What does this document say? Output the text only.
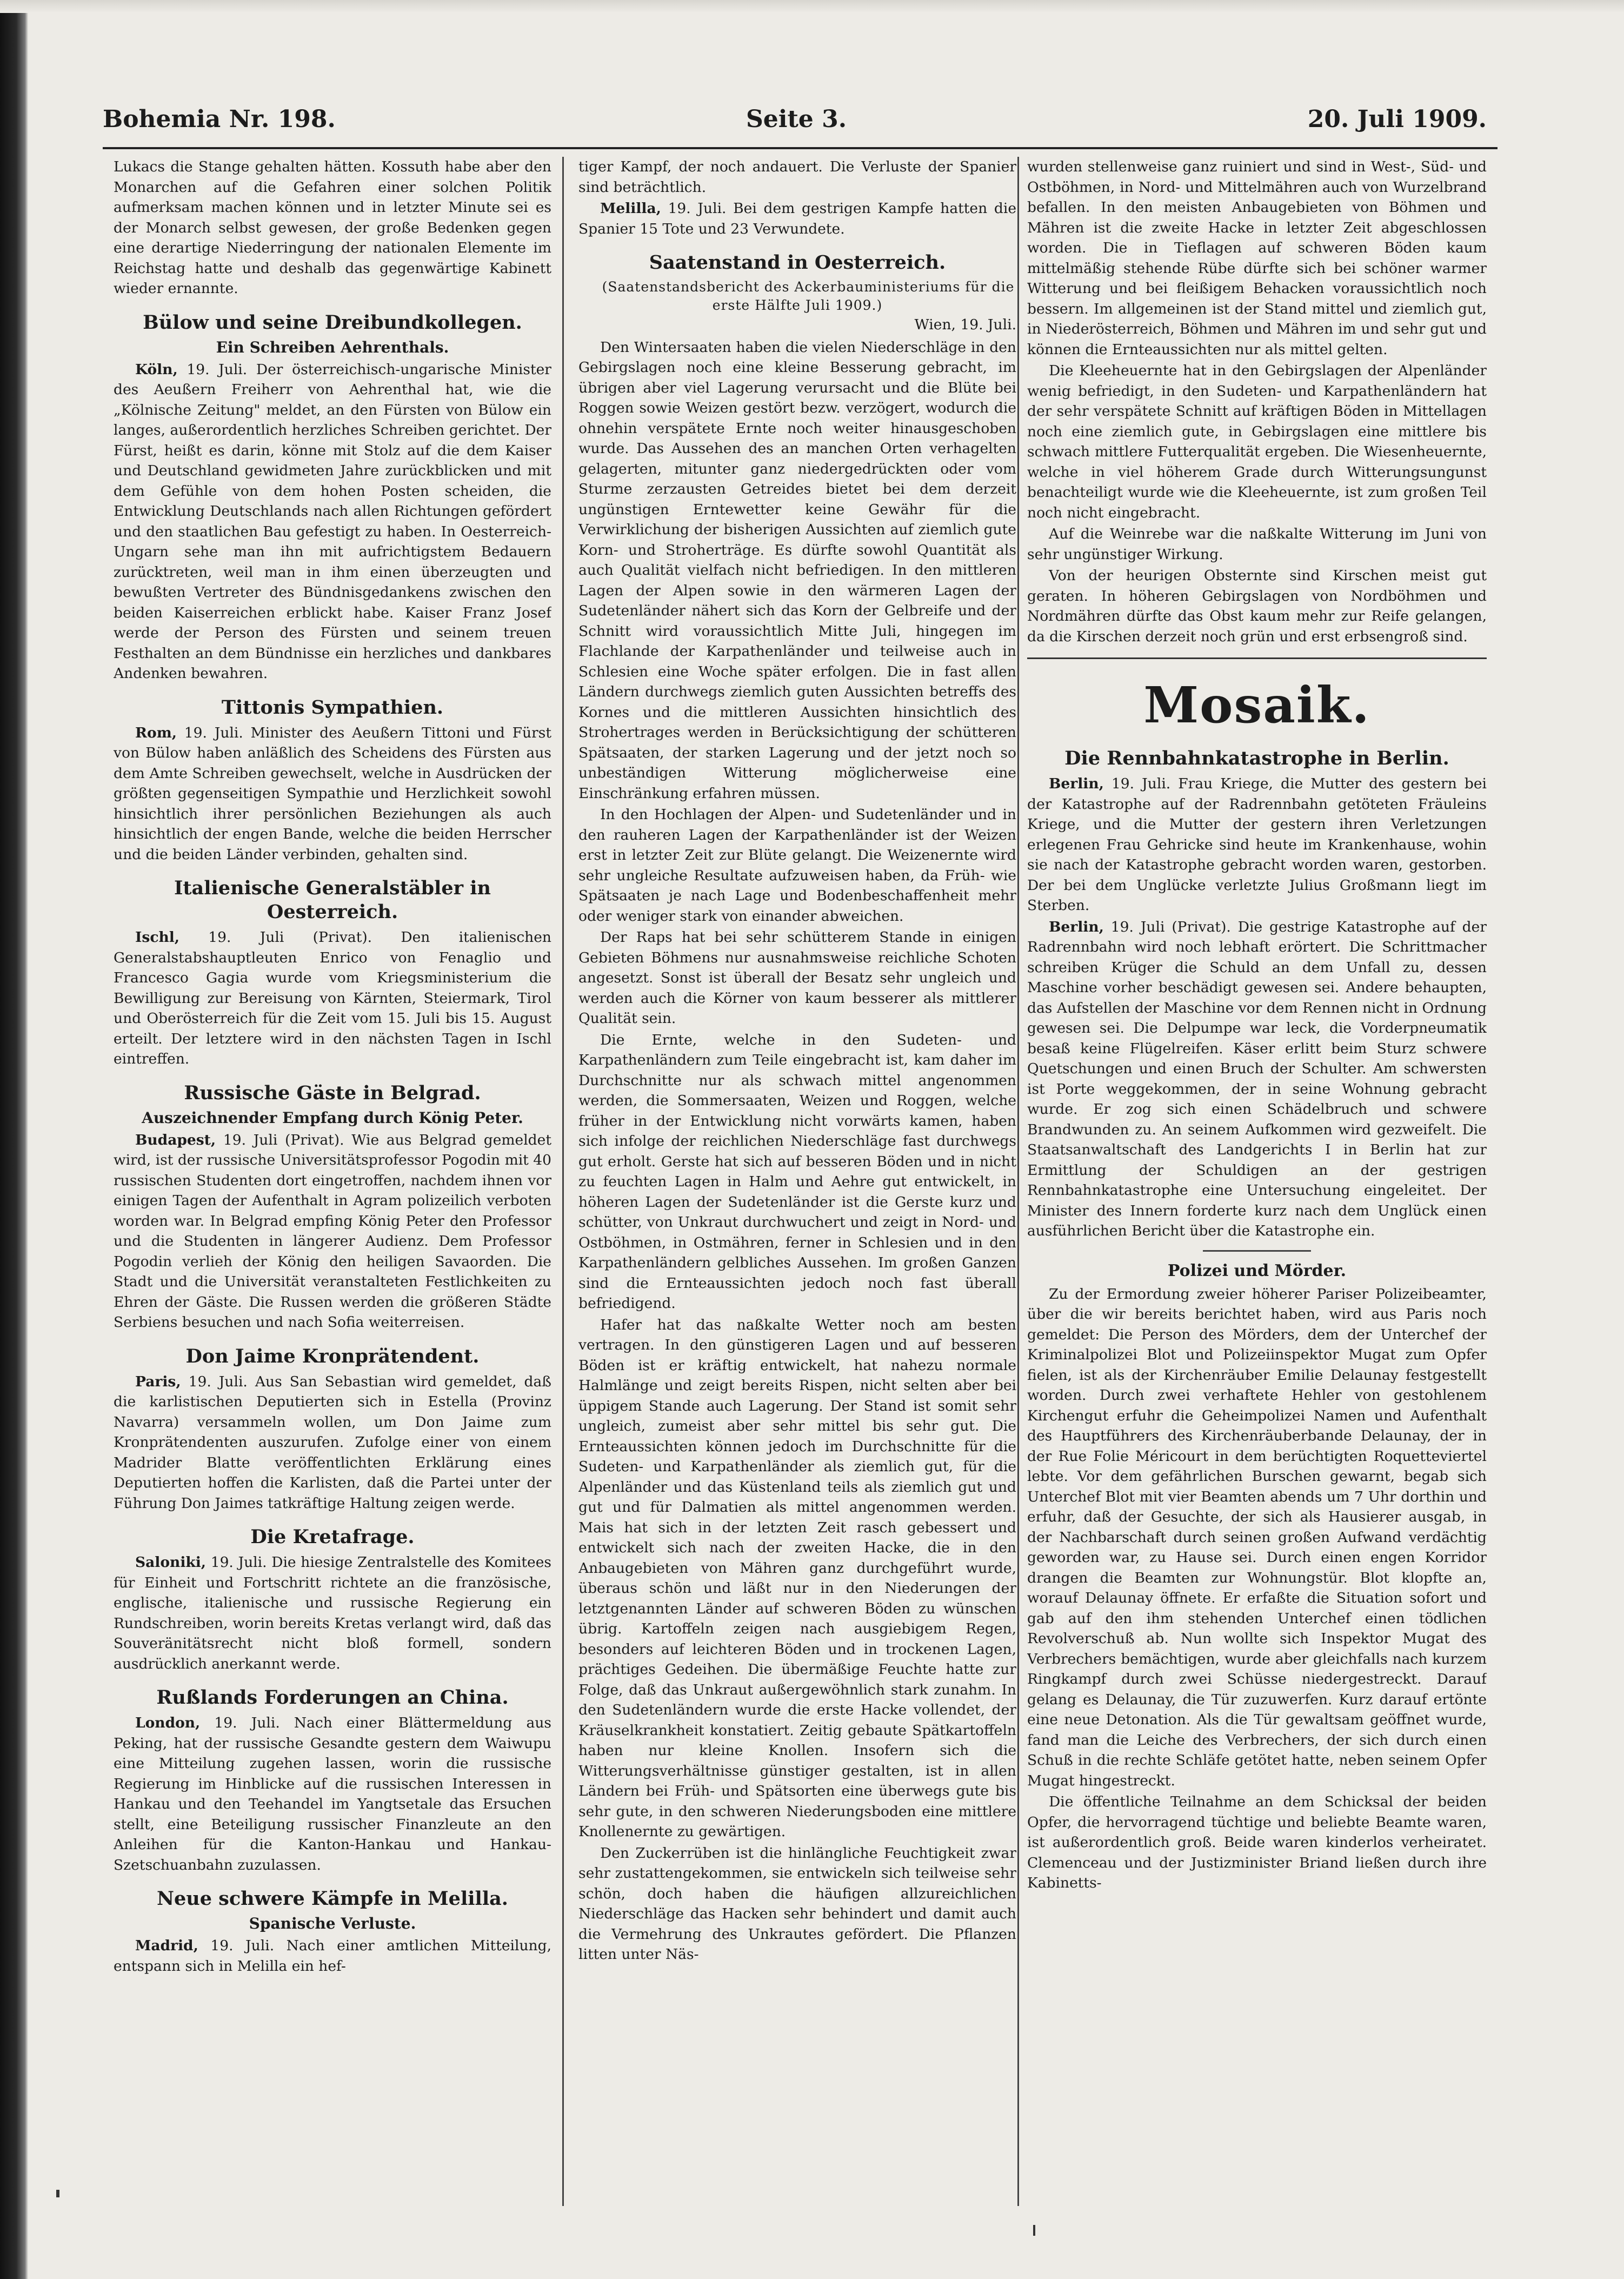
Bohemia Nr. 198.	Seite 3.	20. Juli 1909.

Lukacs die Stange gehalten hätten. Kossuth habe aber den Monarchen auf die Gefahren einer solchen Politik aufmerksam machen können und in letzter Minute sei es der Monarch selbst gewesen, der große Bedenken gegen eine derartige Niederringung der nationalen Elemente im Reichstag hatte und deshalb das gegenwärtige Kabinett wieder ernannte.

Bülow und seine Dreibundkollegen.
Ein Schreiben Aehrenthals.

Köln, 19. Juli. Der österreichisch-ungarische Minister des Aeußern Freiherr von Aehrenthal hat, wie die „Kölnische Zeitung" meldet, an den Fürsten von Bülow ein langes, außerordentlich herzliches Schreiben gerichtet. Der Fürst, heißt es darin, könne mit Stolz auf die dem Kaiser und Deutschland gewidmeten Jahre zurückblicken und mit dem Gefühle von dem hohen Posten scheiden, die Entwicklung Deutschlands nach allen Richtungen gefördert und den staatlichen Bau gefestigt zu haben. In Oesterreich-Ungarn sehe man ihn mit aufrichtigstem Bedauern zurücktreten, weil man in ihm einen überzeugten und bewußten Vertreter des Bündnisgedankens zwischen den beiden Kaiserreichen erblickt habe. Kaiser Franz Josef werde der Person des Fürsten und seinem treuen Festhalten an dem Bündnisse ein herzliches und dankbares Andenken bewahren.

Tittonis Sympathien.

Rom, 19. Juli. Minister des Aeußern Tittoni und Fürst von Bülow haben anläßlich des Scheidens des Fürsten aus dem Amte Schreiben gewechselt, welche in Ausdrücken der größten gegenseitigen Sympathie und Herzlichkeit sowohl hinsichtlich ihrer persönlichen Beziehungen als auch hinsichtlich der engen Bande, welche die beiden Herrscher und die beiden Länder verbinden, gehalten sind.

Italienische Generalstäbler in Oesterreich.

Ischl, 19. Juli (Privat). Den italienischen Generalstabshauptleuten Enrico von Fenaglio und Francesco Gagia wurde vom Kriegsministerium die Bewilligung zur Bereisung von Kärnten, Steiermark, Tirol und Oberösterreich für die Zeit vom 15. Juli bis 15. August erteilt. Der letztere wird in den nächsten Tagen in Ischl eintreffen.

Russische Gäste in Belgrad.
Auszeichnender Empfang durch König Peter.

Budapest, 19. Juli (Privat). Wie aus Belgrad gemeldet wird, ist der russische Universitätsprofessor Pogodin mit 40 russischen Studenten dort eingetroffen, nachdem ihnen vor einigen Tagen der Aufenthalt in Agram polizeilich verboten worden war. In Belgrad empfing König Peter den Professor und die Studenten in längerer Audienz. Dem Professor Pogodin verlieh der König den heiligen Savaorden. Die Stadt und die Universität veranstalteten Festlichkeiten zu Ehren der Gäste. Die Russen werden die größeren Städte Serbiens besuchen und nach Sofia weiterreisen.

Don Jaime Kronprätendent.

Paris, 19. Juli. Aus San Sebastian wird gemeldet, daß die karlistischen Deputierten sich in Estella (Provinz Navarra) versammeln wollen, um Don Jaime zum Kronprätendenten auszurufen. Zufolge einer von einem Madrider Blatte veröffentlichten Erklärung eines Deputierten hoffen die Karlisten, daß die Partei unter der Führung Don Jaimes tatkräftige Haltung zeigen werde.

Die Kretafrage.

Saloniki, 19. Juli. Die hiesige Zentralstelle des Komitees für Einheit und Fortschritt richtete an die französische, englische, italienische und russische Regierung ein Rundschreiben, worin bereits Kretas verlangt wird, daß das Souveränitätsrecht nicht bloß formell, sondern ausdrücklich anerkannt werde.

Rußlands Forderungen an China.

London, 19. Juli. Nach einer Blättermeldung aus Peking, hat der russische Gesandte gestern dem Waiwupu eine Mitteilung zugehen lassen, worin die russische Regierung im Hinblicke auf die russischen Interessen in Hankau und den Teehandel im Yangtsetale das Ersuchen stellt, eine Beteiligung russischer Finanzleute an den Anleihen für die Kanton-Hankau und Hankau-Szetschuanbahn zuzulassen.

Neue schwere Kämpfe in Melilla.
Spanische Verluste.

Madrid, 19. Juli. Nach einer amtlichen Mitteilung, entspann sich in Melilla ein hef-

tiger Kampf, der noch andauert. Die Verluste der Spanier sind beträchtlich.

Melilla, 19. Juli. Bei dem gestrigen Kampfe hatten die Spanier 15 Tote und 23 Verwundete.

Saatenstand in Oesterreich.

(Saatenstandsbericht des Ackerbauministeriums für die erste Hälfte Juli 1909.)

Wien, 19. Juli.

Den Wintersaaten haben die vielen Niederschläge in den Gebirgslagen noch eine kleine Besserung gebracht, im übrigen aber viel Lagerung verursacht und die Blüte bei Roggen sowie Weizen gestört bezw. verzögert, wodurch die ohnehin verspätete Ernte noch weiter hinausgeschoben wurde. Das Aussehen des an manchen Orten verhagelten gelagerten, mitunter ganz niedergedrückten oder vom Sturme zerzausten Getreides bietet bei dem derzeit ungünstigen Erntewetter keine Gewähr für die Verwirklichung der bisherigen Aussichten auf ziemlich gute Korn- und Stroherträge. Es dürfte sowohl Quantität als auch Qualität vielfach nicht befriedigen. In den mittleren Lagen der Alpen sowie in den wärmeren Lagen der Sudetenländer nähert sich das Korn der Gelbreife und der Schnitt wird voraussichtlich Mitte Juli, hingegen im Flachlande der Karpathenländer und teilweise auch in Schlesien eine Woche später erfolgen. Die in fast allen Ländern durchwegs ziemlich guten Aussichten betreffs des Kornes und die mittleren Aussichten hinsichtlich des Strohertrages werden in Berücksichtigung der schütteren Spätsaaten, der starken Lagerung und der jetzt noch so unbeständigen Witterung möglicherweise eine Einschränkung erfahren müssen.

In den Hochlagen der Alpen- und Sudetenländer und in den rauheren Lagen der Karpathenländer ist der Weizen erst in letzter Zeit zur Blüte gelangt. Die Weizenernte wird sehr ungleiche Resultate aufzuweisen haben, da Früh- wie Spätsaaten je nach Lage und Bodenbeschaffenheit mehr oder weniger stark von einander abweichen.

Der Raps hat bei sehr schütterem Stande in einigen Gebieten Böhmens nur ausnahmsweise reichliche Schoten angesetzt. Sonst ist überall der Besatz sehr ungleich und werden auch die Körner von kaum besserer als mittlerer Qualität sein.

Die Ernte, welche in den Sudeten- und Karpathenländern zum Teile eingebracht ist, kam daher im Durchschnitte nur als schwach mittel angenommen werden, die Sommersaaten, Weizen und Roggen, welche früher in der Entwicklung nicht vorwärts kamen, haben sich infolge der reichlichen Niederschläge fast durchwegs gut erholt. Gerste hat sich auf besseren Böden und in nicht zu feuchten Lagen in Halm und Aehre gut entwickelt, in höheren Lagen der Sudetenländer ist die Gerste kurz und schütter, von Unkraut durchwuchert und zeigt in Nord- und Ostböhmen, in Ostmähren, ferner in Schlesien und in den Karpathenländern gelbliches Aussehen. Im großen Ganzen sind die Ernteaussichten jedoch noch fast überall befriedigend.

Hafer hat das naßkalte Wetter noch am besten vertragen. In den günstigeren Lagen und auf besseren Böden ist er kräftig entwickelt, hat nahezu normale Halmlänge und zeigt bereits Rispen, nicht selten aber bei üppigem Stande auch Lagerung. Der Stand ist somit sehr ungleich, zumeist aber sehr mittel bis sehr gut. Die Ernteaussichten können jedoch im Durchschnitte für die Sudeten- und Karpathenländer als ziemlich gut, für die Alpenländer und das Küstenland teils als ziemlich gut und gut und für Dalmatien als mittel angenommen werden. Mais hat sich in der letzten Zeit rasch gebessert und entwickelt sich nach der zweiten Hacke, die in den Anbaugebieten von Mähren ganz durchgeführt wurde, überaus schön und läßt nur in den Niederungen der letztgenannten Länder auf schweren Böden zu wünschen übrig. Kartoffeln zeigen nach ausgiebigem Regen, besonders auf leichteren Böden und in trockenen Lagen, prächtiges Gedeihen. Die übermäßige Feuchte hatte zur Folge, daß das Unkraut außergewöhnlich stark zunahm. In den Sudetenländern wurde die erste Hacke vollendet, der Kräuselkrankheit konstatiert. Zeitig gebaute Spätkartoffeln haben nur kleine Knollen. Insofern sich die Witterungsverhältnisse günstiger gestalten, ist in allen Ländern bei Früh- und Spätsorten eine überwegs gute bis sehr gute, in den schweren Niederungsboden eine mittlere Knollenernte zu gewärtigen.

Den Zuckerrüben ist die hinlängliche Feuchtigkeit zwar sehr zustattengekommen, sie entwickeln sich teilweise sehr schön, doch haben die häufigen allzureichlichen Niederschläge das Hacken sehr behindert und damit auch die Vermehrung des Unkrautes gefördert. Die Pflanzen litten unter Näs-

wurden stellenweise ganz ruiniert und sind in West-, Süd- und Ostböhmen, in Nord- und Mittelmähren auch von Wurzelbrand befallen. In den meisten Anbaugebieten von Böhmen und Mähren ist die zweite Hacke in letzter Zeit abgeschlossen worden. Die in Tieflagen auf schweren Böden kaum mittelmäßig stehende Rübe dürfte sich bei schöner warmer Witterung und bei fleißigem Behacken voraussichtlich noch bessern. Im allgemeinen ist der Stand mittel und ziemlich gut, in Niederösterreich, Böhmen und Mähren im und sehr gut und können die Ernteaussichten nur als mittel gelten.

Die Kleeheuernte hat in den Gebirgslagen der Alpenländer wenig befriedigt, in den Sudeten- und Karpathenländern hat der sehr verspätete Schnitt auf kräftigen Böden in Mittellagen noch eine ziemlich gute, in Gebirgslagen eine mittlere bis schwach mittlere Futterqualität ergeben. Die Wiesenheuernte, welche in viel höherem Grade durch Witterungsungunst benachteiligt wurde wie die Kleeheuernte, ist zum großen Teil noch nicht eingebracht.

Auf die Weinrebe war die naßkalte Witterung im Juni von sehr ungünstiger Wirkung.

Von der heurigen Obsternte sind Kirschen meist gut geraten. In höheren Gebirgslagen von Nordböhmen und Nordmähren dürfte das Obst kaum mehr zur Reife gelangen, da die Kirschen derzeit noch grün und erst erbsengroß sind.

Mosaik.
Die Rennbahnkatastrophe in Berlin.

Berlin, 19. Juli. Frau Kriege, die Mutter des gestern bei der Katastrophe auf der Radrennbahn getöteten Fräuleins Kriege, und die Mutter der gestern ihren Verletzungen erlegenen Frau Gehricke sind heute im Krankenhause, wohin sie nach der Katastrophe gebracht worden waren, gestorben. Der bei dem Unglücke verletzte Julius Großmann liegt im Sterben.

Berlin, 19. Juli (Privat). Die gestrige Katastrophe auf der Radrennbahn wird noch lebhaft erörtert. Die Schrittmacher schreiben Krüger die Schuld an dem Unfall zu, dessen Maschine vorher beschädigt gewesen sei. Andere behaupten, das Aufstellen der Maschine vor dem Rennen nicht in Ordnung gewesen sei. Die Delpumpe war leck, die Vorderpneumatik besaß keine Flügelreifen. Käser erlitt beim Sturz schwere Quetschungen und einen Bruch der Schulter. Am schwersten ist Porte weggekommen, der in seine Wohnung gebracht wurde. Er zog sich einen Schädelbruch und schwere Brandwunden zu. An seinem Aufkommen wird gezweifelt. Die Staatsanwaltschaft des Landgerichts I in Berlin hat zur Ermittlung der Schuldigen an der gestrigen Rennbahnkatastrophe eine Untersuchung eingeleitet. Der Minister des Innern forderte kurz nach dem Unglück einen ausführlichen Bericht über die Katastrophe ein.

Polizei und Mörder.

Zu der Ermordung zweier höherer Pariser Polizeibeamter, über die wir bereits berichtet haben, wird aus Paris noch gemeldet: Die Person des Mörders, dem der Unterchef der Kriminalpolizei Blot und Polizeiinspektor Mugat zum Opfer fielen, ist als der Kirchenräuber Emilie Delaunay festgestellt worden. Durch zwei verhaftete Hehler von gestohlenem Kirchengut erfuhr die Geheimpolizei Namen und Aufenthalt des Hauptführers des Kirchenräuberbande Delaunay, der in der Rue Folie Méricourt in dem berüchtigten Roquetteviertel lebte. Vor dem gefährlichen Burschen gewarnt, begab sich Unterchef Blot mit vier Beamten abends um 7 Uhr dorthin und erfuhr, daß der Gesuchte, der sich als Hausierer ausgab, in der Nachbarschaft durch seinen großen Aufwand verdächtig geworden war, zu Hause sei. Durch einen engen Korridor drangen die Beamten zur Wohnungstür. Blot klopfte an, worauf Delaunay öffnete. Er erfaßte die Situation sofort und gab auf den ihm stehenden Unterchef einen tödlichen Revolverschuß ab. Nun wollte sich Inspektor Mugat des Verbrechers bemächtigen, wurde aber gleichfalls nach kurzem Ringkampf durch zwei Schüsse niedergestreckt. Darauf gelang es Delaunay, die Tür zuzuwerfen. Kurz darauf ertönte eine neue Detonation. Als die Tür gewaltsam geöffnet wurde, fand man die Leiche des Verbrechers, der sich durch einen Schuß in die rechte Schläfe getötet hatte, neben seinem Opfer Mugat hingestreckt.

Die öffentliche Teilnahme an dem Schicksal der beiden Opfer, die hervorragend tüchtige und beliebte Beamte waren, ist außerordentlich groß. Beide waren kinderlos verheiratet. Clemenceau und der Justizminister Briand ließen durch ihre Kabinetts-
